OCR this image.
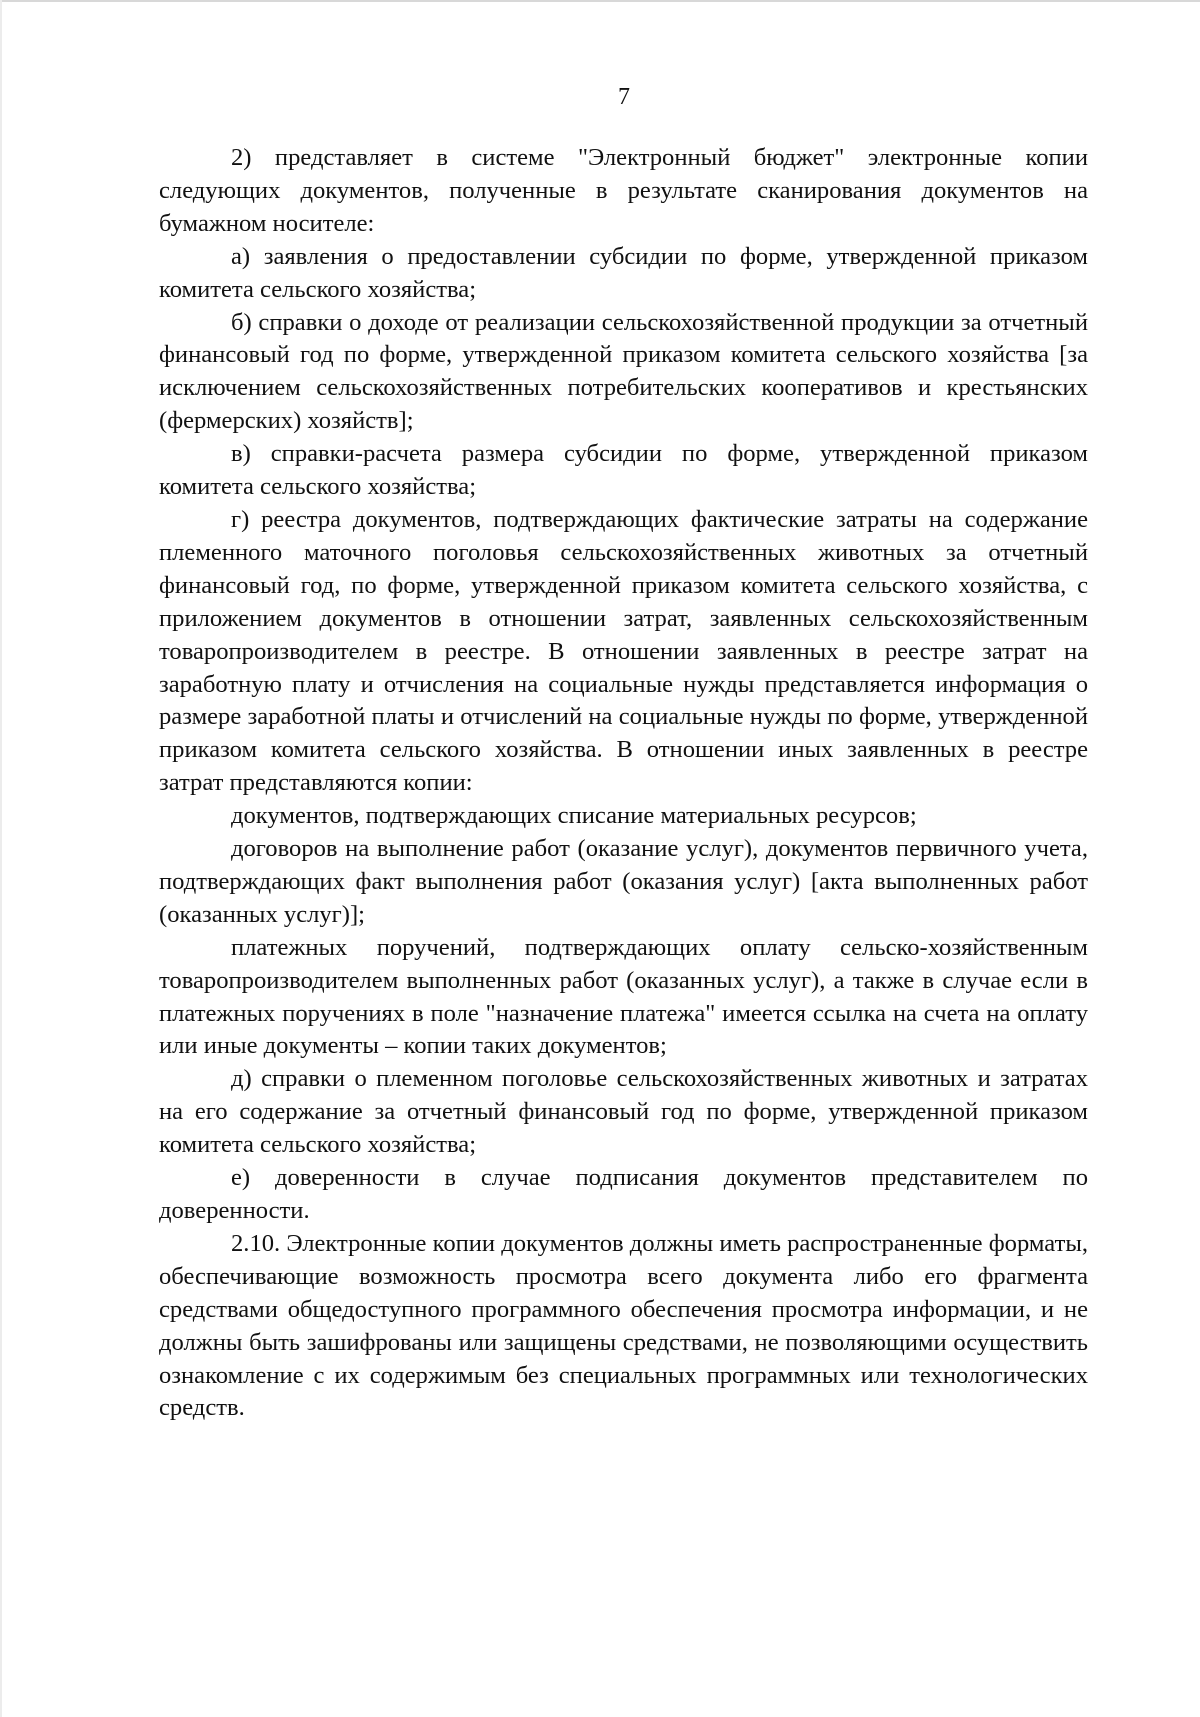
7

2) представляет в системе "Электронный бюджет" электронные копии следующих документов, полученные в результате сканирования документов на бумажном носителе:

а) заявления о предоставлении субсидии по форме, утвержденной приказом комитета сельского хозяйства;

б) справки о доходе от реализации сельскохозяйственной продукции за отчетный финансовый год по форме, утвержденной приказом комитета сельского хозяйства [за исключением сельскохозяйственных потребительских кооперативов и крестьянских (фермерских) хозяйств];

в) справки-расчета размера субсидии по форме, утвержденной приказом комитета сельского хозяйства;

г) реестра документов, подтверждающих фактические затраты на содержание племенного маточного поголовья сельскохозяйственных животных за отчетный финансовый год, по форме, утвержденной приказом комитета сельского хозяйства, с приложением документов в отношении затрат, заявленных сельскохозяйственным товаропроизводителем в реестре. В отношении заявленных в реестре затрат на заработную плату и отчисления на социальные нужды представляется информация о размере заработной платы и отчислений на социальные нужды по форме, утвержденной приказом комитета сельского хозяйства. В отношении иных заявленных в реестре затрат представляются копии:

документов, подтверждающих списание материальных ресурсов;

договоров на выполнение работ (оказание услуг), документов первичного учета, подтверждающих факт выполнения работ (оказания услуг) [акта выполненных работ (оказанных услуг)];

платежных поручений, подтверждающих оплату сельско-хозяйственным товаропроизводителем выполненных работ (оказанных услуг), а также в случае если в платежных поручениях в поле "назначение платежа" имеется ссылка на счета на оплату или иные документы – копии таких документов;

д) справки о племенном поголовье сельскохозяйственных животных и затратах на его содержание за отчетный финансовый год по форме, утвержденной приказом комитета сельского хозяйства;

е) доверенности в случае подписания документов представителем по доверенности.

2.10. Электронные копии документов должны иметь распространенные форматы, обеспечивающие возможность просмотра всего документа либо его фрагмента средствами общедоступного программного обеспечения просмотра информации, и не должны быть зашифрованы или защищены средствами, не позволяющими осуществить ознакомление с их содержимым без специальных программных или технологических средств.
